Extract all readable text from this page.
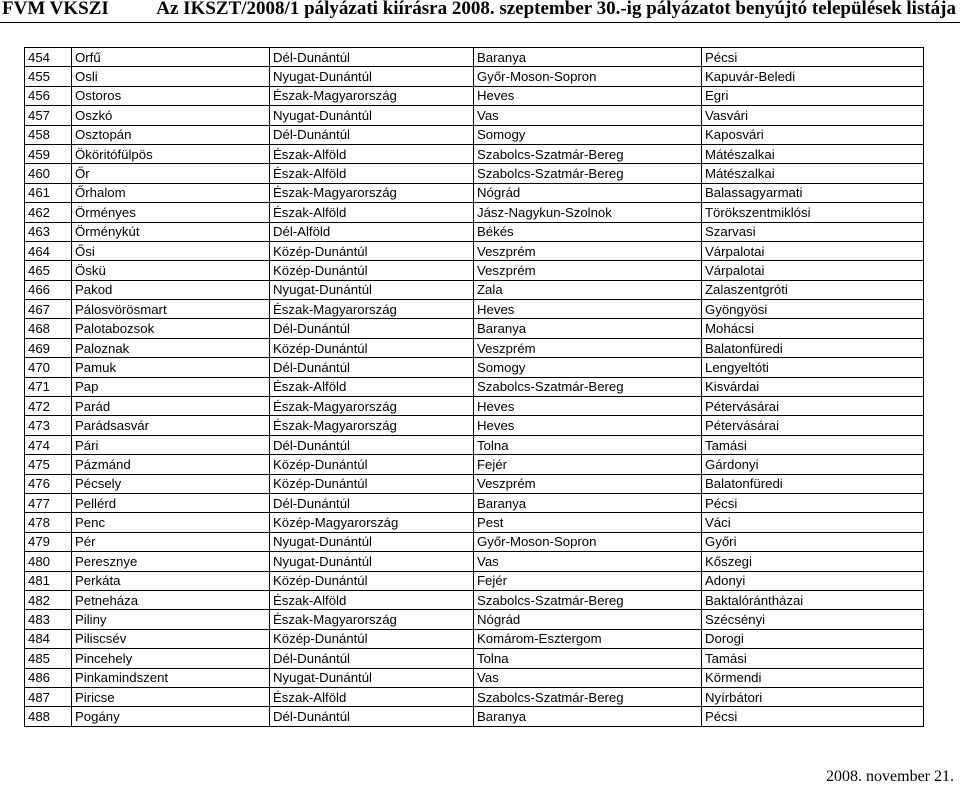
FVM VKSZI Az IKSZT/2008/1 pályázati kiírásra 2008. szeptember 30.-ig pályázatot benyújtó települések listája
454	Orfű	Dél-Dunántúl	Baranya	Pécsi
455	Osli	Nyugat-Dunántúl	Győr-Moson-Sopron	Kapuvár-Beledi
456	Ostoros	Észak-Magyarország	Heves	Egri
457	Oszkó	Nyugat-Dunántúl	Vas	Vasvári
458	Osztopán	Dél-Dunántúl	Somogy	Kaposvári
459	Ököritófülpös	Észak-Alföld	Szabolcs-Szatmár-Bereg	Mátészalkai
460	Őr	Észak-Alföld	Szabolcs-Szatmár-Bereg	Mátészalkai
461	Őrhalom	Észak-Magyarország	Nógrád	Balassagyarmati
462	Örményes	Észak-Alföld	Jász-Nagykun-Szolnok	Törökszentmiklósi
463	Örménykút	Dél-Alföld	Békés	Szarvasi
464	Ősi	Közép-Dunántúl	Veszprém	Várpalotai
465	Öskü	Közép-Dunántúl	Veszprém	Várpalotai
466	Pakod	Nyugat-Dunántúl	Zala	Zalaszentgróti
467	Pálosvörösmart	Észak-Magyarország	Heves	Gyöngyösi
468	Palotabozsok	Dél-Dunántúl	Baranya	Mohácsi
469	Paloznak	Közép-Dunántúl	Veszprém	Balatonfüredi
470	Pamuk	Dél-Dunántúl	Somogy	Lengyeltóti
471	Pap	Észak-Alföld	Szabolcs-Szatmár-Bereg	Kisvárdai
472	Parád	Észak-Magyarország	Heves	Pétervásárai
473	Parádsasvár	Észak-Magyarország	Heves	Pétervásárai
474	Pári	Dél-Dunántúl	Tolna	Tamási
475	Pázmánd	Közép-Dunántúl	Fejér	Gárdonyi
476	Pécsely	Közép-Dunántúl	Veszprém	Balatonfüredi
477	Pellérd	Dél-Dunántúl	Baranya	Pécsi
478	Penc	Közép-Magyarország	Pest	Váci
479	Pér	Nyugat-Dunántúl	Győr-Moson-Sopron	Győri
480	Peresznye	Nyugat-Dunántúl	Vas	Kőszegi
481	Perkáta	Közép-Dunántúl	Fejér	Adonyi
482	Petneháza	Észak-Alföld	Szabolcs-Szatmár-Bereg	Baktalórántházai
483	Piliny	Észak-Magyarország	Nógrád	Szécsényi
484	Piliscsév	Közép-Dunántúl	Komárom-Esztergom	Dorogi
485	Pincehely	Dél-Dunántúl	Tolna	Tamási
486	Pinkamindszent	Nyugat-Dunántúl	Vas	Körmendi
487	Piricse	Észak-Alföld	Szabolcs-Szatmár-Bereg	Nyírbátori
488	Pogány	Dél-Dunántúl	Baranya	Pécsi
2008. november 21.
